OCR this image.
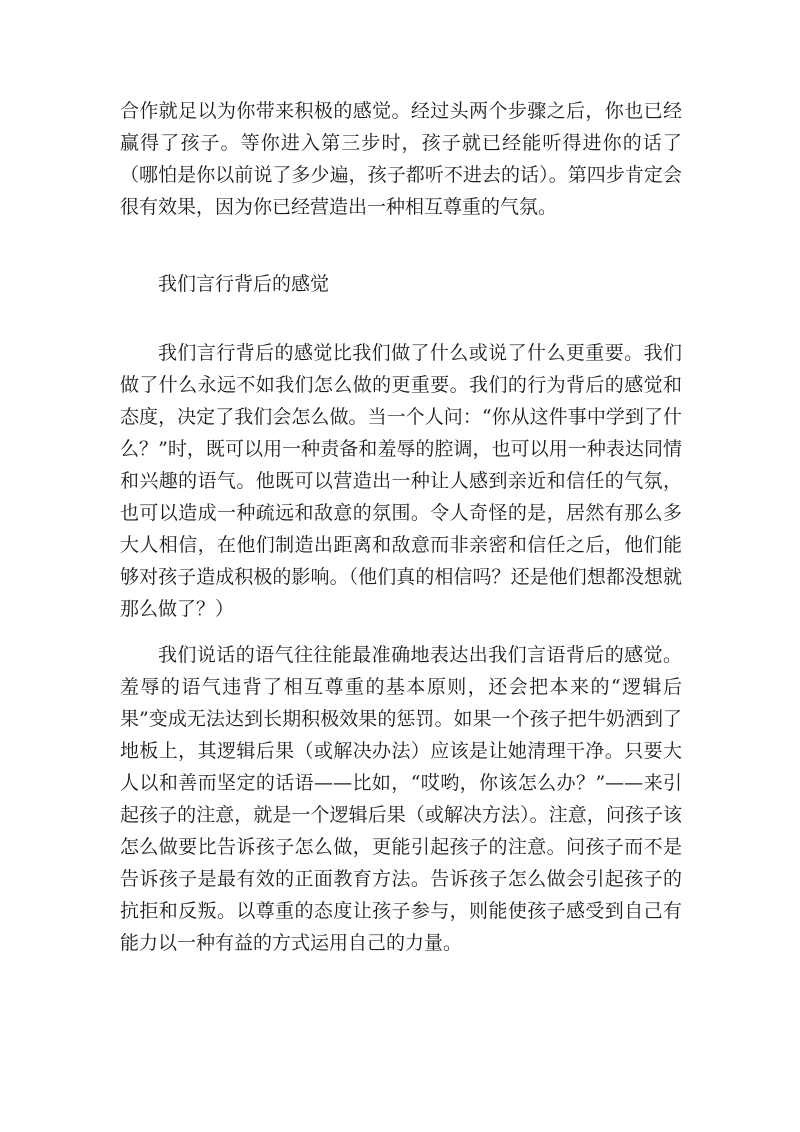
合作就足以为你带来积极的感觉。经过头两个步骤之后，你也已经赢得了孩子。等你进入第三步时，孩子就已经能听得进你的话了（哪怕是你以前说了多少遍，孩子都听不进去的话）。第四步肯定会很有效果，因为你已经营造出一种相互尊重的气氛。

我们言行背后的感觉

我们言行背后的感觉比我们做了什么或说了什么更重要。我们做了什么永远不如我们怎么做的更重要。我们的行为背后的感觉和态度，决定了我们会怎么做。当一个人问：“你从这件事中学到了什么？”时，既可以用一种责备和羞辱的腔调，也可以用一种表达同情和兴趣的语气。他既可以营造出一种让人感到亲近和信任的气氛，也可以造成一种疏远和敌意的氛围。令人奇怪的是，居然有那么多大人相信，在他们制造出距离和敌意而非亲密和信任之后，他们能够对孩子造成积极的影响。（他们真的相信吗？还是他们想都没想就那么做了？）

我们说话的语气往往能最准确地表达出我们言语背后的感觉。羞辱的语气违背了相互尊重的基本原则，还会把本来的“逻辑后果”变成无法达到长期积极效果的惩罚。如果一个孩子把牛奶洒到了地板上，其逻辑后果（或解决办法）应该是让她清理干净。只要大人以和善而坚定的话语——比如，“哎哟，你该怎么办？”——来引起孩子的注意，就是一个逻辑后果（或解决方法）。注意，问孩子该怎么做要比告诉孩子怎么做，更能引起孩子的注意。问孩子而不是告诉孩子是最有效的正面教育方法。告诉孩子怎么做会引起孩子的抗拒和反叛。以尊重的态度让孩子参与，则能使孩子感受到自己有能力以一种有益的方式运用自己的力量。
